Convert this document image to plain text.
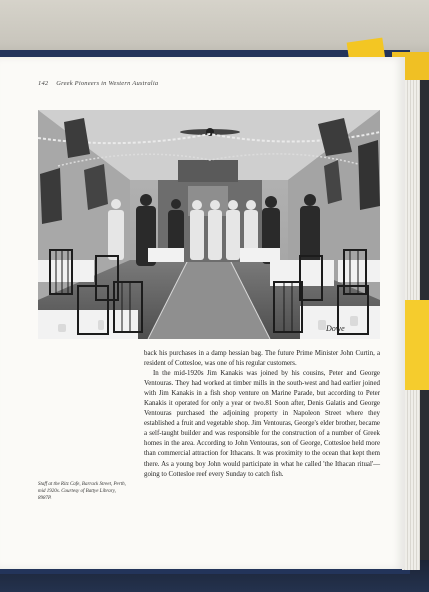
142 Greek Pioneers in Western Australia
Dowe
Staff at the Ritz Cafe, Barrack Street, Perth, mid 1920s. Courtesy of Battye Library, 8987P.

back his purchases in a damp hessian bag. The future Prime Minister John Curtin, a resident of Cottesloe, was one of his regular customers.

In the mid-1920s Jim Kanakis was joined by his cousins, Peter and George Ventouras. They had worked at timber mills in the south-west and had earlier joined with Jim Kanakis in a fish shop venture on Marine Parade, but according to Peter Kanakis it operated for only a year or two.81 Soon after, Denis Galatis and George Ventouras purchased the adjoining property in Napoleon Street where they established a fruit and vegetable shop. Jim Ventouras, George's elder brother, became a self-taught builder and was responsible for the construction of a number of Greek homes in the area. According to John Ventouras, son of George, Cottesloe held more than commercial attraction for Ithacans. It was proximity to the ocean that kept them there. As a young boy John would participate in what he called 'the Ithacan ritual'—going to Cottesloe reef every Sunday to catch fish.
